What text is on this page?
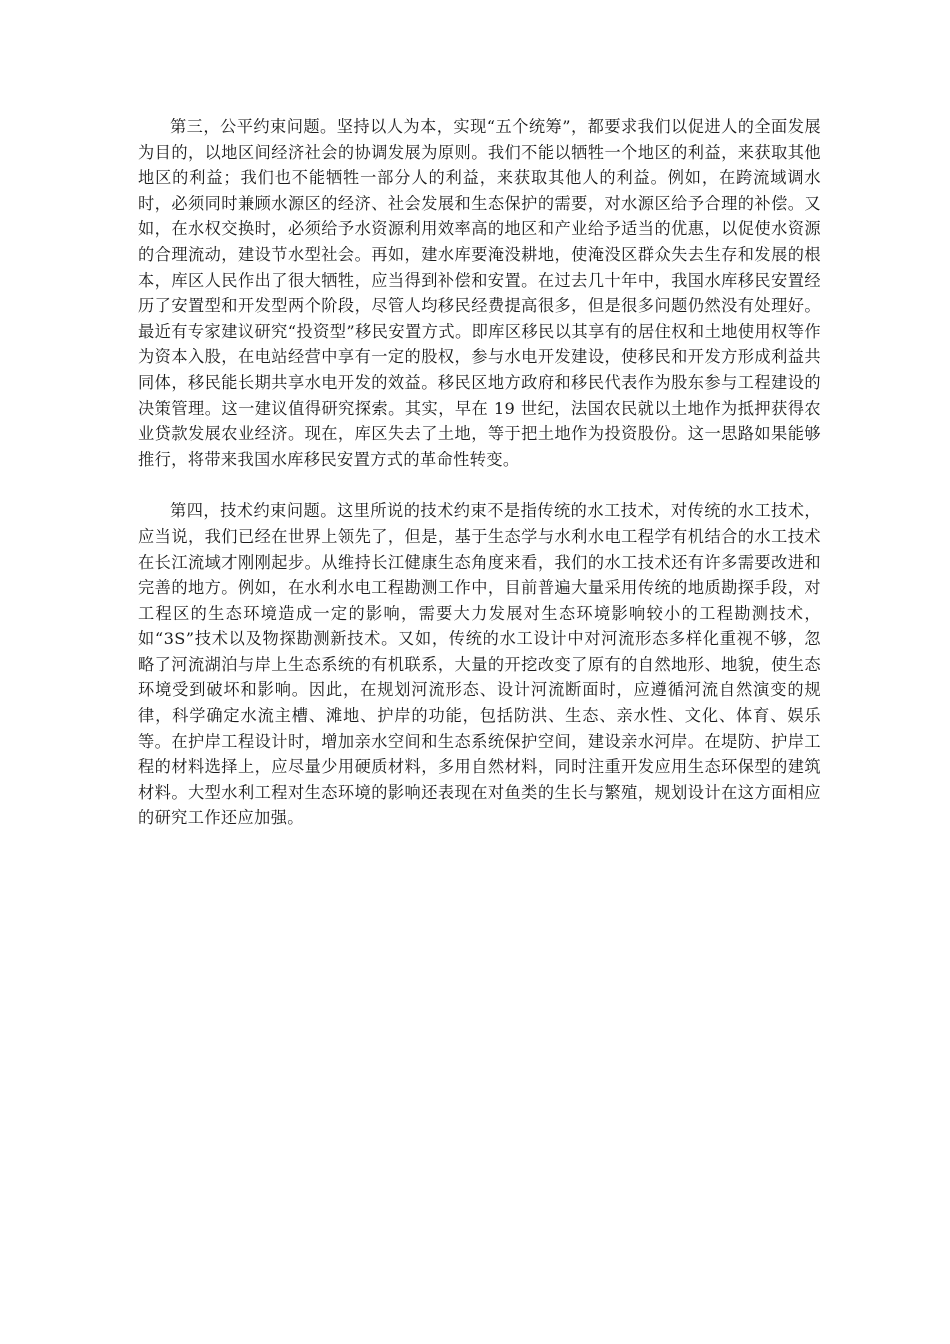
第三，公平约束问题。坚持以人为本，实现“五个统筹”，都要求我们以促进人的全面发展为目的，以地区间经济社会的协调发展为原则。我们不能以牺牲一个地区的利益，来获取其他地区的利益；我们也不能牺牲一部分人的利益，来获取其他人的利益。例如，在跨流域调水时，必须同时兼顾水源区的经济、社会发展和生态保护的需要，对水源区给予合理的补偿。又如，在水权交换时，必须给予水资源利用效率高的地区和产业给予适当的优惠，以促使水资源的合理流动，建设节水型社会。再如，建水库要淹没耕地，使淹没区群众失去生存和发展的根本，库区人民作出了很大牺牲，应当得到补偿和安置。在过去几十年中，我国水库移民安置经历了安置型和开发型两个阶段，尽管人均移民经费提高很多，但是很多问题仍然没有处理好。最近有专家建议研究“投资型”移民安置方式。即库区移民以其享有的居住权和土地使用权等作为资本入股，在电站经营中享有一定的股权，参与水电开发建设，使移民和开发方形成利益共同体，移民能长期共享水电开发的效益。移民区地方政府和移民代表作为股东参与工程建设的决策管理。这一建议值得研究探索。其实，早在 19 世纪，法国农民就以土地作为抵押获得农业贷款发展农业经济。现在，库区失去了土地，等于把土地作为投资股份。这一思路如果能够推行，将带来我国水库移民安置方式的革命性转变。

第四，技术约束问题。这里所说的技术约束不是指传统的水工技术，对传统的水工技术，应当说，我们已经在世界上领先了，但是，基于生态学与水利水电工程学有机结合的水工技术在长江流域才刚刚起步。从维持长江健康生态角度来看，我们的水工技术还有许多需要改进和完善的地方。例如，在水利水电工程勘测工作中，目前普遍大量采用传统的地质勘探手段，对工程区的生态环境造成一定的影响，需要大力发展对生态环境影响较小的工程勘测技术，如“3S”技术以及物探勘测新技术。又如，传统的水工设计中对河流形态多样化重视不够，忽略了河流湖泊与岸上生态系统的有机联系，大量的开挖改变了原有的自然地形、地貌，使生态环境受到破坏和影响。因此，在规划河流形态、设计河流断面时，应遵循河流自然演变的规律，科学确定水流主槽、滩地、护岸的功能，包括防洪、生态、亲水性、文化、体育、娱乐等。在护岸工程设计时，增加亲水空间和生态系统保护空间，建设亲水河岸。在堤防、护岸工程的材料选择上，应尽量少用硬质材料，多用自然材料，同时注重开发应用生态环保型的建筑材料。大型水利工程对生态环境的影响还表现在对鱼类的生长与繁殖，规划设计在这方面相应的研究工作还应加强。
